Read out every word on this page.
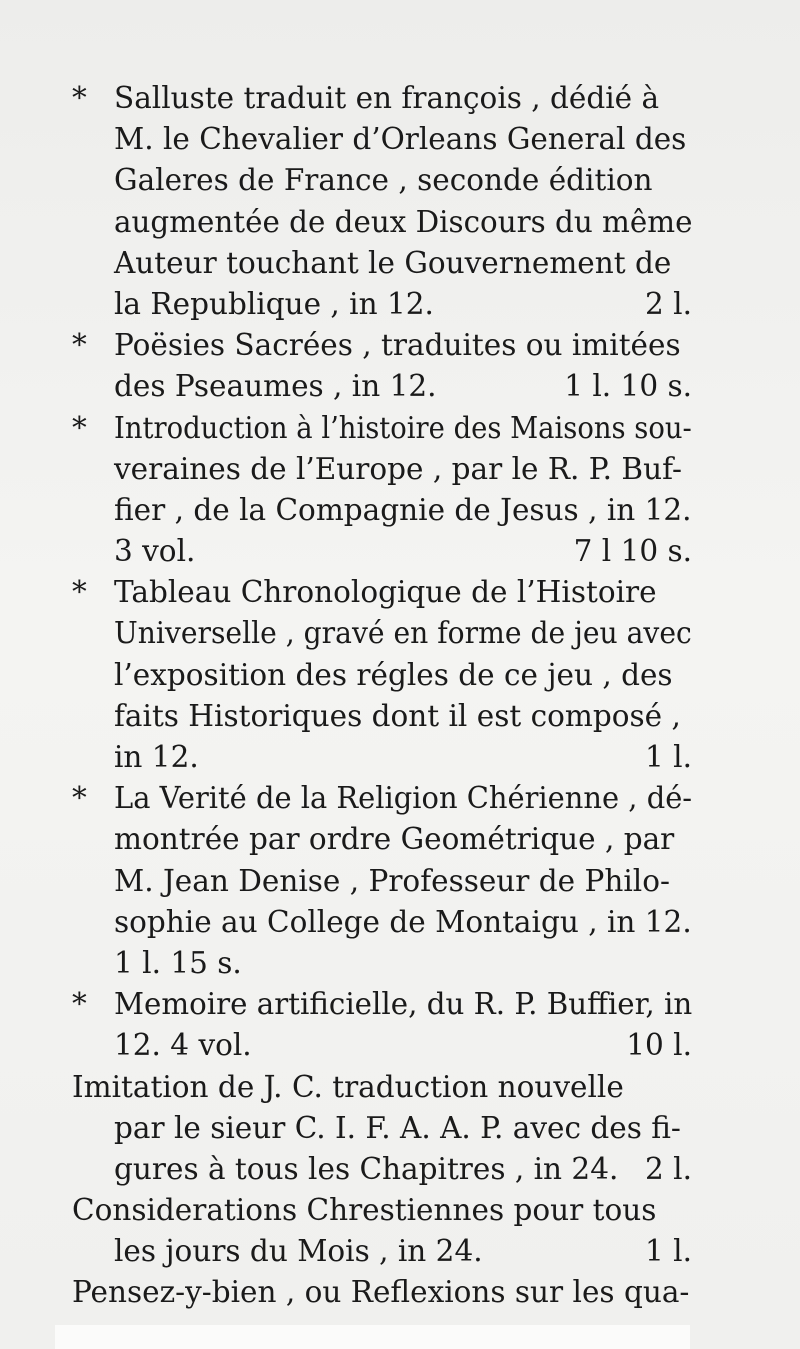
* Salluste traduit en françois , dédié à
M. le Chevalier d’Orleans General des
Galeres de France , seconde édition
augmentée de deux Discours du même
Auteur touchant le Gouvernement de
la Republique , in 12.	2 l.
* Poësies Sacrées , traduites ou imitées
des Pseaumes , in 12.	1 l. 10 s.
* Introduction à l’histoire des Maisons sou-
veraines de l’Europe , par le R. P. Buf-
fier , de la Compagnie de Jesus , in 12.
3 vol.	7 l 10 s.
* Tableau Chronologique de l’Histoire
Universelle , gravé en forme de jeu avec
l’exposition des régles de ce jeu , des
faits Historiques dont il est composé ,
in 12.	1 l.
* La Verité de la Religion Chérienne , dé-
montrée par ordre Geométrique , par
M. Jean Denise , Professeur de Philo-
sophie au College de Montaigu , in 12.
1 l. 15 s.
* Memoire artificielle, du R. P. Buffier, in
12. 4 vol.	10 l.
Imitation de J. C. traduction nouvelle
par le sieur C. I. F. A. A. P. avec des fi-
gures à tous les Chapitres , in 24. 2 l.
Considerations Chrestiennes pour tous
les jours du Mois , in 24.	1 l.
Pensez-y-bien , ou Reflexions sur les qua-
